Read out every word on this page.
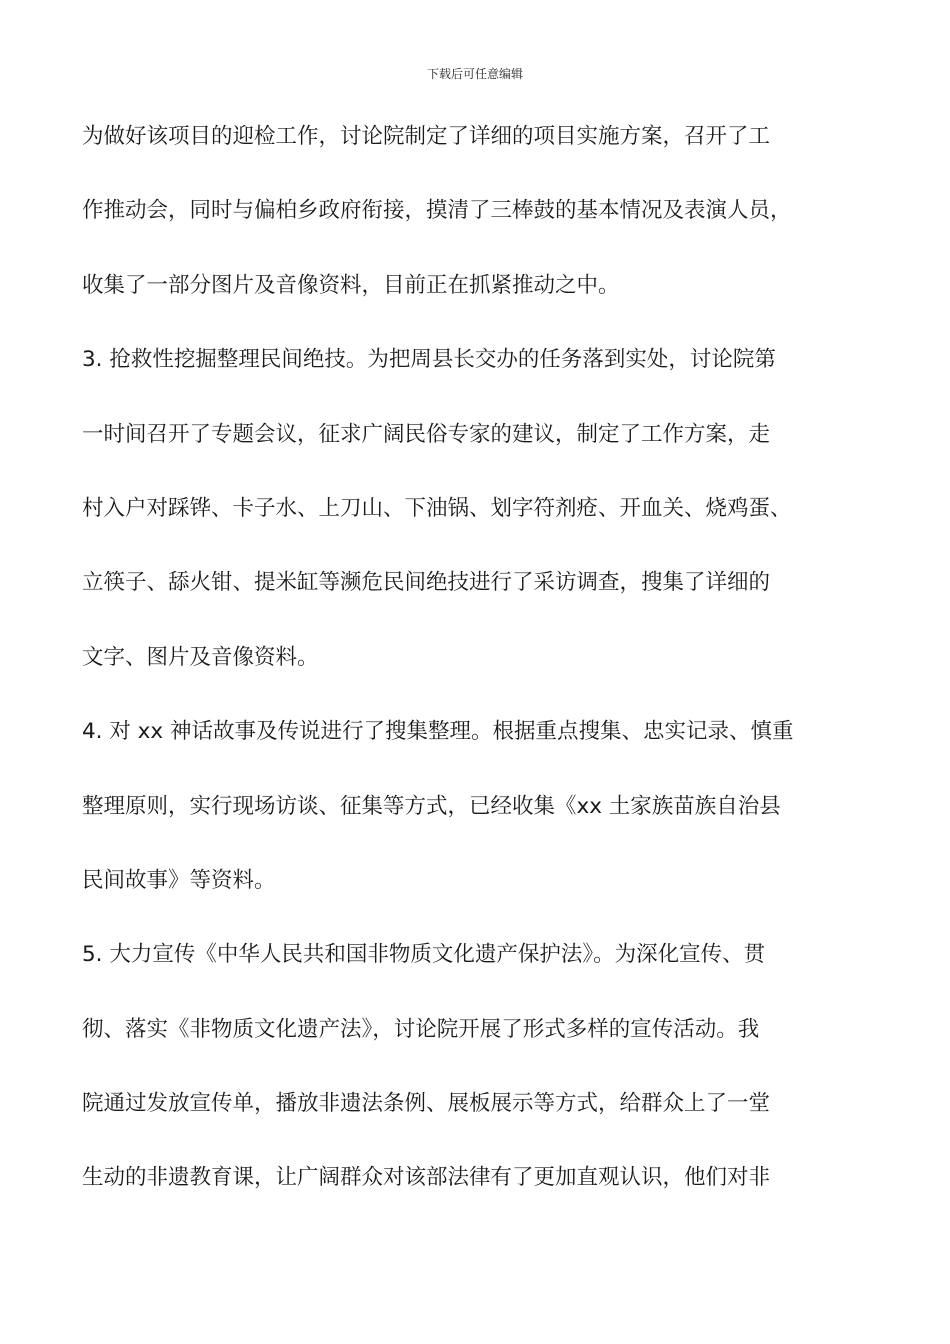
下载后可任意编辑
为做好该项目的迎检工作，讨论院制定了详细的项目实施方案，召开了工
作推动会，同时与偏柏乡政府衔接，摸清了三棒鼓的基本情况及表演人员，
收集了一部分图片及音像资料，目前正在抓紧推动之中。
3. 抢救性挖掘整理民间绝技。为把周县长交办的任务落到实处，讨论院第
一时间召开了专题会议，征求广阔民俗专家的建议，制定了工作方案，走
村入户对踩铧、卡子水、上刀山、下油锅、划字符剂疮、开血关、烧鸡蛋、
立筷子、舔火钳、提米缸等濒危民间绝技进行了采访调查，搜集了详细的
文字、图片及音像资料。
4. 对 xx 神话故事及传说进行了搜集整理。根据重点搜集、忠实记录、慎重
整理原则，实行现场访谈、征集等方式，已经收集《xx 土家族苗族自治县
民间故事》等资料。
5. 大力宣传《中华人民共和国非物质文化遗产保护法》。为深化宣传、贯
彻、落实《非物质文化遗产法》，讨论院开展了形式多样的宣传活动。我
院通过发放宣传单，播放非遗法条例、展板展示等方式，给群众上了一堂
生动的非遗教育课，让广阔群众对该部法律有了更加直观认识，他们对非
